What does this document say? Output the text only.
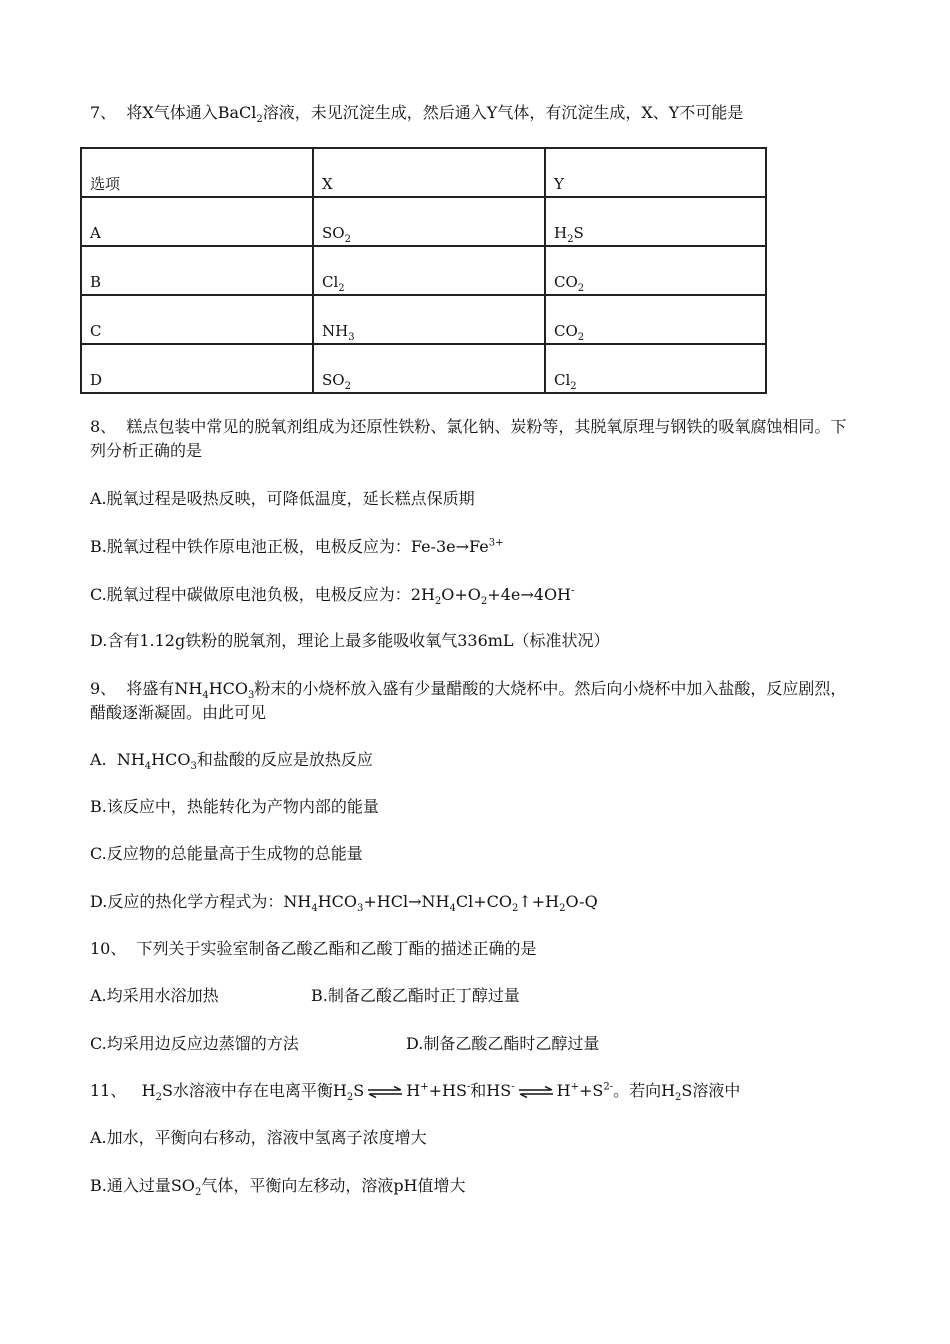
7、 将X气体通入BaCl$_2$溶液，未见沉淀生成，然后通入Y气体，有沉淀生成，X、Y不可能是
选项	X	Y
A	$SO_2$	$H_2S$
B	$Cl_2$	$CO_2$
C	$NH_3$	$CO_2$
D	$SO_2$	$Cl_2$
8、 糕点包装中常见的脱氧剂组成为还原性铁粉、氯化钠、炭粉等，其脱氧原理与钢铁的吸氧腐蚀相同。下列分析正确的是
A.脱氧过程是吸热反映，可降低温度，延长糕点保质期
B.脱氧过程中铁作原电池正极，电极反应为：$Fe-3e\to Fe^{3+}$
C.脱氧过程中碳做原电池负极，电极反应为：$2H_2O+O_2+4e\to 4OH^-$
D.含有1.12g铁粉的脱氧剂，理论上最多能吸收氧气336mL（标准状况）
9、 将盛有$NH_4HCO_3$粉末的小烧杯放入盛有少量醋酸的大烧杯中。然后向小烧杯中加入盐酸，反应剧烈，醋酸逐渐凝固。由此可见
A.  $NH_4HCO_3$和盐酸的反应是放热反应
B.该反应中，热能转化为产物内部的能量
C.反应物的总能量高于生成物的总能量
D.反应的热化学方程式为：$NH_4HCO_3+HCl\to NH_4Cl+CO_2↑+H_2O-Q$
10、 下列关于实验室制备乙酸乙酯和乙酸丁酯的描述正确的是
A.均采用水浴加热	B.制备乙酸乙酯时正丁醇过量
C.均采用边反应边蒸馏的方法	D.制备乙酸乙酯时乙醇过量
11、 $H_2S$水溶液中存在电离平衡$H_2S$ ⇌ H++HS-和HS- ⇌ $H^++S^{2-}$。若向$H_2S$溶液中
A.加水，平衡向右移动，溶液中氢离子浓度增大
B.通入过量$SO_2$气体，平衡向左移动，溶液pH值增大
